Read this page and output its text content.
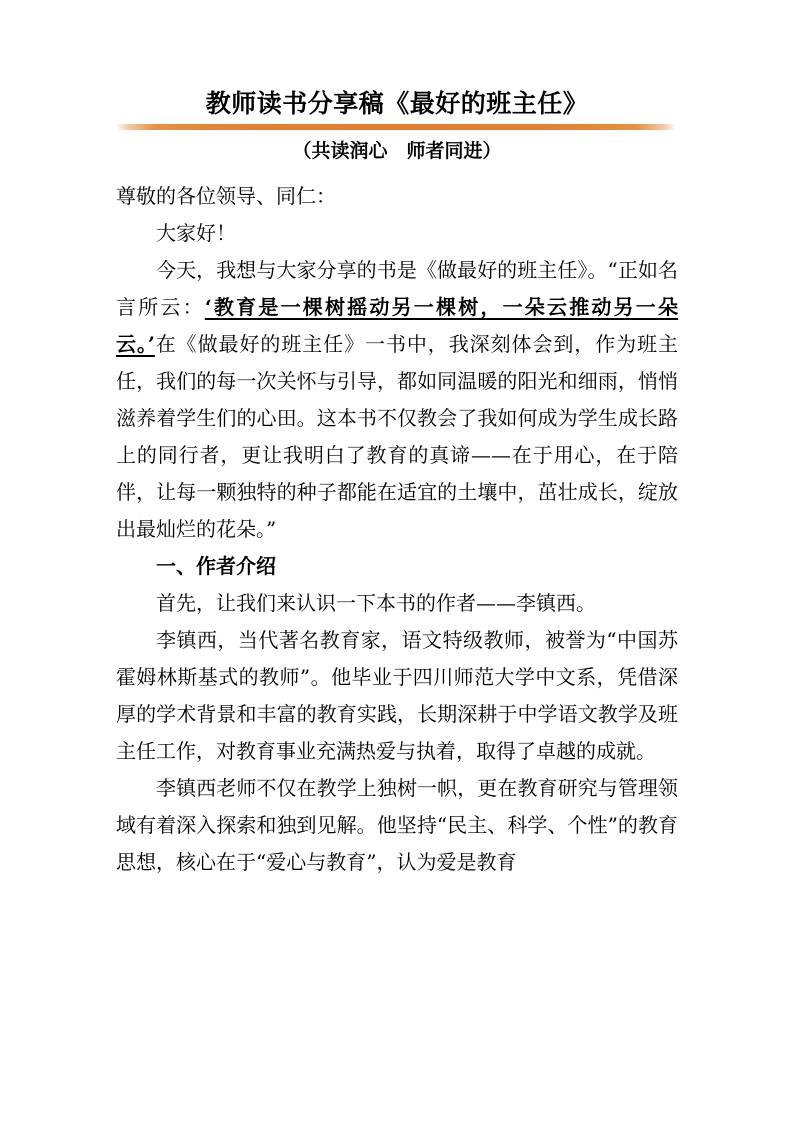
教师读书分享稿《最好的班主任》
（共读润心　师者同进）

尊敬的各位领导、同仁：

大家好！

今天，我想与大家分享的书是《做最好的班主任》。“正如名言所云：‘教育是一棵树摇动另一棵树，一朵云推动另一朵云。’在《做最好的班主任》一书中，我深刻体会到，作为班主任，我们的每一次关怀与引导，都如同温暖的阳光和细雨，悄悄滋养着学生们的心田。这本书不仅教会了我如何成为学生成长路上的同行者，更让我明白了教育的真谛——在于用心，在于陪伴，让每一颗独特的种子都能在适宜的土壤中，茁壮成长，绽放出最灿烂的花朵。”

一、作者介绍

首先，让我们来认识一下本书的作者——李镇西。

李镇西，当代著名教育家，语文特级教师，被誉为“中国苏霍姆林斯基式的教师”。他毕业于四川师范大学中文系，凭借深厚的学术背景和丰富的教育实践，长期深耕于中学语文教学及班主任工作，对教育事业充满热爱与执着，取得了卓越的成就。

李镇西老师不仅在教学上独树一帜，更在教育研究与管理领域有着深入探索和独到见解。他坚持“民主、科学、个性”的教育思想，核心在于“爱心与教育”，认为爱是教育
